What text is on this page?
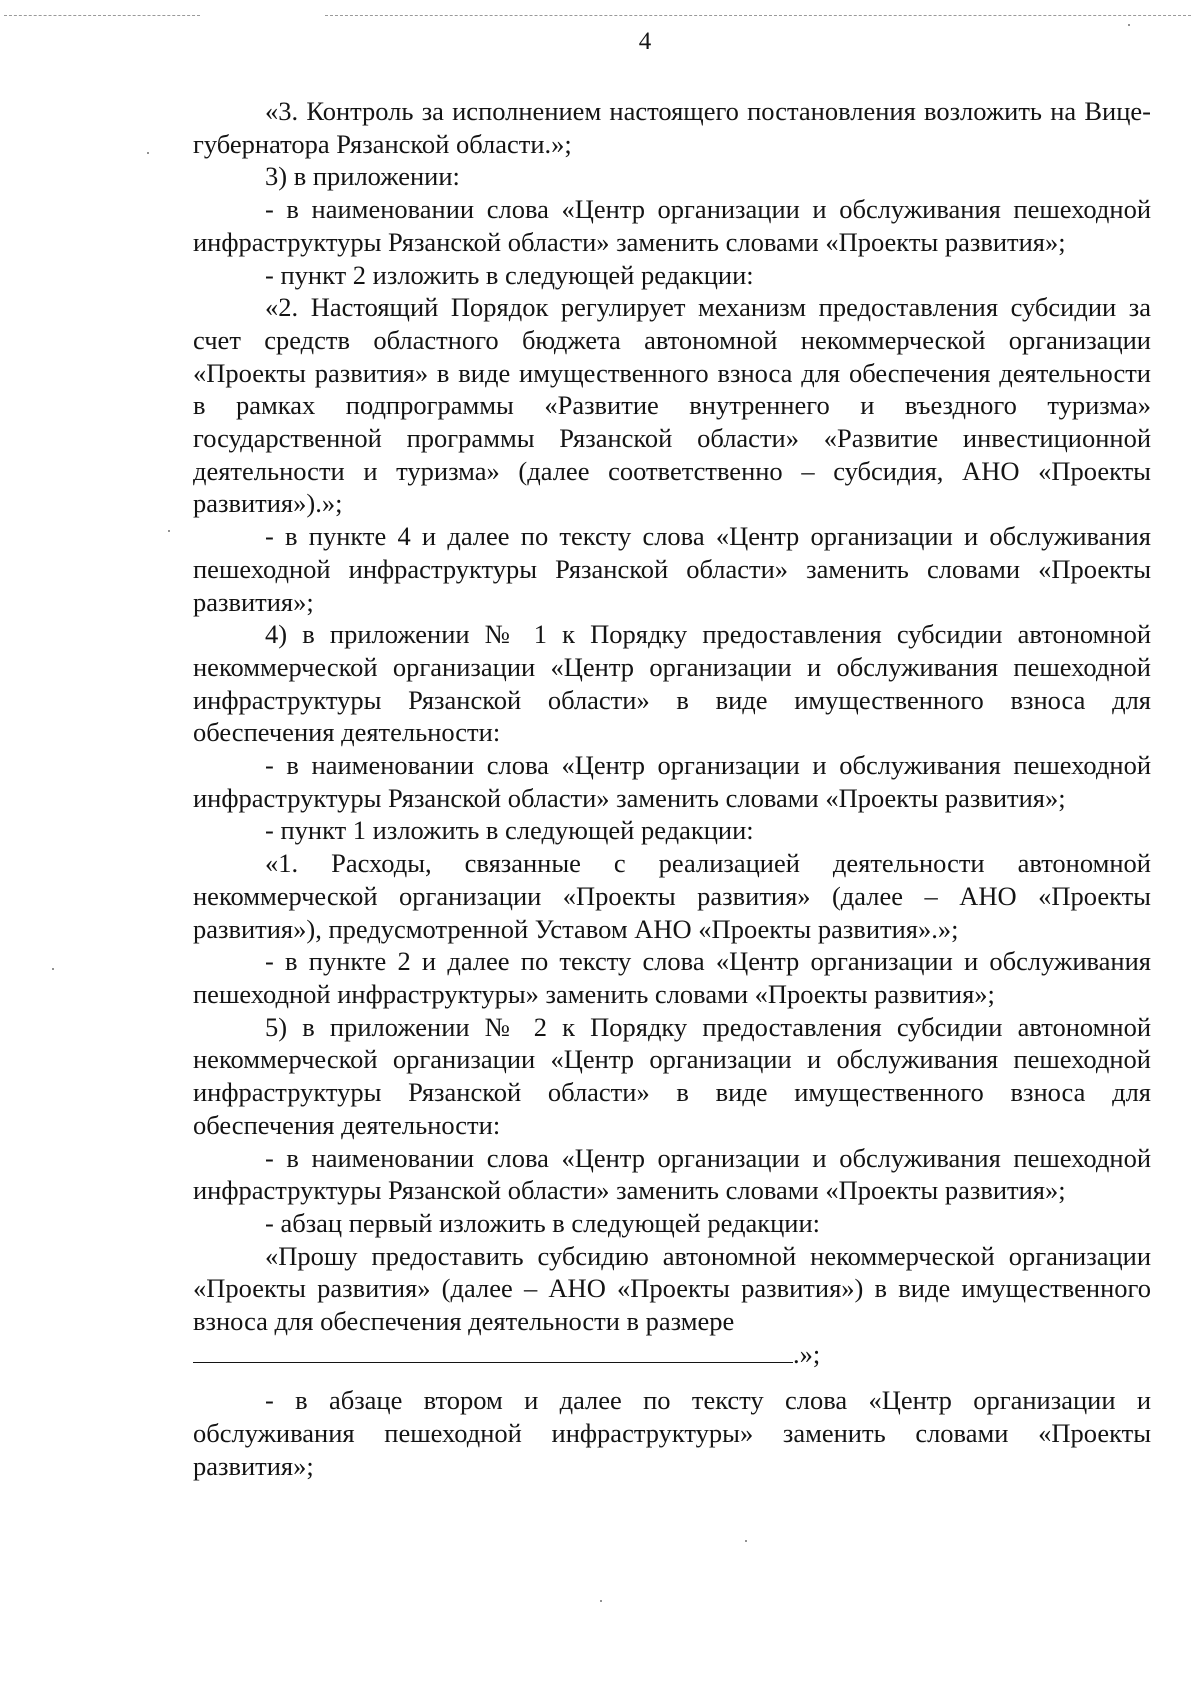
4

«3. Контроль за исполнением настоящего постановления возложить на Вице-губернатора Рязанской области.»;

3) в приложении:

- в наименовании слова «Центр организации и обслуживания пешеходной инфраструктуры Рязанской области» заменить словами «Проекты развития»;

- пункт 2 изложить в следующей редакции:

«2. Настоящий Порядок регулирует механизм предоставления субсидии за счет средств областного бюджета автономной некоммерческой организации «Проекты развития» в виде имущественного взноса для обеспечения деятельности в рамках подпрограммы «Развитие внутреннего и въездного туризма» государственной программы Рязанской области» «Развитие инвестиционной деятельности и туризма» (далее соответственно – субсидия, АНО «Проекты развития»).»;

- в пункте 4 и далее по тексту слова «Центр организации и обслуживания пешеходной инфраструктуры Рязанской области» заменить словами «Проекты развития»;

4) в приложении № 1 к Порядку предоставления субсидии автономной некоммерческой организации «Центр организации и обслуживания пешеходной инфраструктуры Рязанской области» в виде имущественного взноса для обеспечения деятельности:

- в наименовании слова «Центр организации и обслуживания пешеходной инфраструктуры Рязанской области» заменить словами «Проекты развития»;

- пункт 1 изложить в следующей редакции:

«1. Расходы, связанные с реализацией деятельности автономной некоммерческой организации «Проекты развития» (далее – АНО «Проекты развития»), предусмотренной Уставом АНО «Проекты развития».»;

- в пункте 2 и далее по тексту слова «Центр организации и обслуживания пешеходной инфраструктуры» заменить словами «Проекты развития»;

5) в приложении № 2 к Порядку предоставления субсидии автономной некоммерческой организации «Центр организации и обслуживания пешеходной инфраструктуры Рязанской области» в виде имущественного взноса для обеспечения деятельности:

- в наименовании слова «Центр организации и обслуживания пешеходной инфраструктуры Рязанской области» заменить словами «Проекты развития»;

- абзац первый изложить в следующей редакции:

«Прошу предоставить субсидию автономной некоммерческой организации «Проекты развития» (далее – АНО «Проекты развития») в виде имущественного взноса для обеспечения деятельности в размере

.»;

- в абзаце втором и далее по тексту слова «Центр организации и обслуживания пешеходной инфраструктуры» заменить словами «Проекты развития»;
